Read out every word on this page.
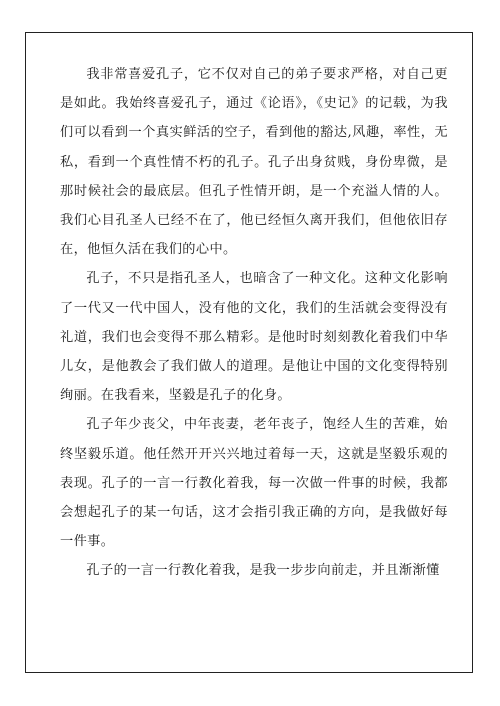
我非常喜爱孔子，它不仅对自己的弟子要求严格，对自己更是如此。我始终喜爱孔子，通过《论语》，《史记》的记载，为我们可以看到一个真实鲜活的空子，看到他的豁达,风趣，率性，无私，看到一个真性情不朽的孔子。孔子出身贫贱，身份卑微，是那时候社会的最底层。但孔子性情开朗，是一个充溢人情的人。我们心目孔圣人已经不在了，他已经恒久离开我们，但他依旧存在，他恒久活在我们的心中。

孔子，不只是指孔圣人，也暗含了一种文化。这种文化影响了一代又一代中国人，没有他的文化，我们的生活就会变得没有礼道，我们也会变得不那么精彩。是他时时刻刻教化着我们中华儿女，是他教会了我们做人的道理。是他让中国的文化变得特别绚丽。在我看来，坚毅是孔子的化身。

孔子年少丧父，中年丧妻，老年丧子，饱经人生的苦难，始终坚毅乐道。他任然开开兴兴地过着每一天，这就是坚毅乐观的表现。孔子的一言一行教化着我，每一次做一件事的时候，我都会想起孔子的某一句话，这才会指引我正确的方向，是我做好每一件事。

孔子的一言一行教化着我，是我一步步向前走，并且渐渐懂
